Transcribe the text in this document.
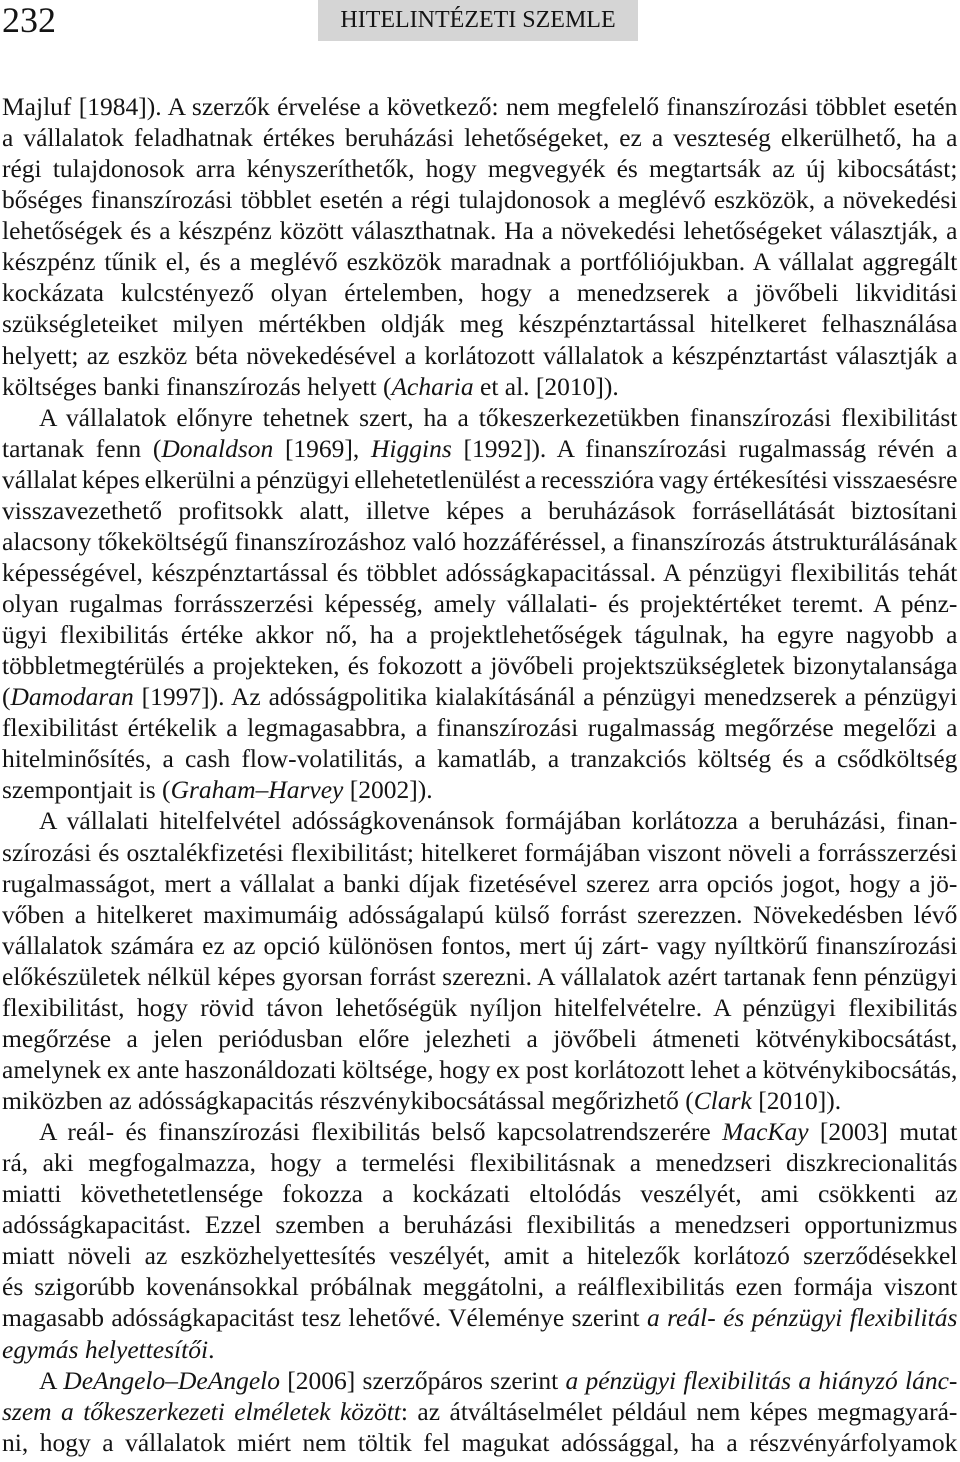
232	HITELINTÉZETI SZEMLE
Majluf [1984]). A szerzők érvelése a következő: nem megfelelő finanszírozási többlet esetén
a vállalatok feladhatnak értékes beruházási lehetőségeket, ez a veszteség elkerülhető, ha a
régi tulajdonosok arra kényszeríthetők, hogy megvegyék és megtartsák az új kibocsátást;
bőséges finanszírozási többlet esetén a régi tulajdonosok a meglévő eszközök, a növekedési
lehetőségek és a készpénz között választhatnak. Ha a növekedési lehetőségeket választják, a
készpénz tűnik el, és a meglévő eszközök maradnak a portfóliójukban. A vállalat aggregált
kockázata kulcstényező olyan értelemben, hogy a menedzserek a jövőbeli likviditási
szükségleteiket milyen mértékben oldják meg készpénztartással hitelkeret felhasználása
helyett; az eszköz béta növekedésével a korlátozott vállalatok a készpénztartást választják a
költséges banki finanszírozás helyett (Acharia et al. [2010]).
A vállalatok előnyre tehetnek szert, ha a tőkeszerkezetükben finanszírozási flexibilitást
tartanak fenn (Donaldson [1969], Higgins [1992]). A finanszírozási rugalmasság révén a
vállalat képes elkerülni a pénzügyi ellehetetlenülést a recesszióra vagy értékesítési visszaesésre
visszavezethető profitsokk alatt, illetve képes a beruházások forrásellátását biztosítani
alacsony tőkeköltségű finanszírozáshoz való hozzáféréssel, a finanszírozás átstrukturálásának
képességével, készpénztartással és többlet adósságkapacitással. A pénzügyi flexibilitás tehát
olyan rugalmas forrásszerzési képesség, amely vállalati- és projektértéket teremt. A pénz-
ügyi flexibilitás értéke akkor nő, ha a projektlehetőségek tágulnak, ha egyre nagyobb a
többletmegtérülés a projekteken, és fokozott a jövőbeli projektszükségletek bizonytalansága
(Damodaran [1997]). Az adósságpolitika kialakításánál a pénzügyi menedzserek a pénzügyi
flexibilitást értékelik a legmagasabbra, a finanszírozási rugalmasság megőrzése megelőzi a
hitelminősítés, a cash flow-volatilitás, a kamatláb, a tranzakciós költség és a csődköltség
szempontjait is (Graham–Harvey [2002]).
A vállalati hitelfelvétel adósságkovenánsok formájában korlátozza a beruházási, finan-
szírozási és osztalékfizetési flexibilitást; hitelkeret formájában viszont növeli a forrásszerzési
rugalmasságot, mert a vállalat a banki díjak fizetésével szerez arra opciós jogot, hogy a jö-
vőben a hitelkeret maximumáig adósságalapú külső forrást szerezzen. Növekedésben lévő
vállalatok számára ez az opció különösen fontos, mert új zárt- vagy nyíltkörű finanszírozási
előkészületek nélkül képes gyorsan forrást szerezni. A vállalatok azért tartanak fenn pénzügyi
flexibilitást, hogy rövid távon lehetőségük nyíljon hitelfelvételre. A pénzügyi flexibilitás
megőrzése a jelen periódusban előre jelezheti a jövőbeli átmeneti kötvénykibocsátást,
amelynek ex ante haszonáldozati költsége, hogy ex post korlátozott lehet a kötvénykibocsátás,
miközben az adósságkapacitás részvénykibocsátással megőrizhető (Clark [2010]).
A reál- és finanszírozási flexibilitás belső kapcsolatrendszerére MacKay [2003] mutat
rá, aki megfogalmazza, hogy a termelési flexibilitásnak a menedzseri diszkrecionalitás
miatti követhetetlensége fokozza a kockázati eltolódás veszélyét, ami csökkenti az
adósságkapacitást. Ezzel szemben a beruházási flexibilitás a menedzseri opportunizmus
miatt növeli az eszközhelyettesítés veszélyét, amit a hitelezők korlátozó szerződésekkel
és szigorúbb kovenánsokkal próbálnak meggátolni, a reálflexibilitás ezen formája viszont
magasabb adósságkapacitást tesz lehetővé. Véleménye szerint a reál- és pénzügyi flexibilitás
egymás helyettesítői.
A DeAngelo–DeAngelo [2006] szerzőpáros szerint a pénzügyi flexibilitás a hiányzó lánc-
szem a tőkeszerkezeti elméletek között: az átváltáselmélet például nem képes megmagyará-
ni, hogy a vállalatok miért nem töltik fel magukat adóssággal, ha a részvényárfolyamok
